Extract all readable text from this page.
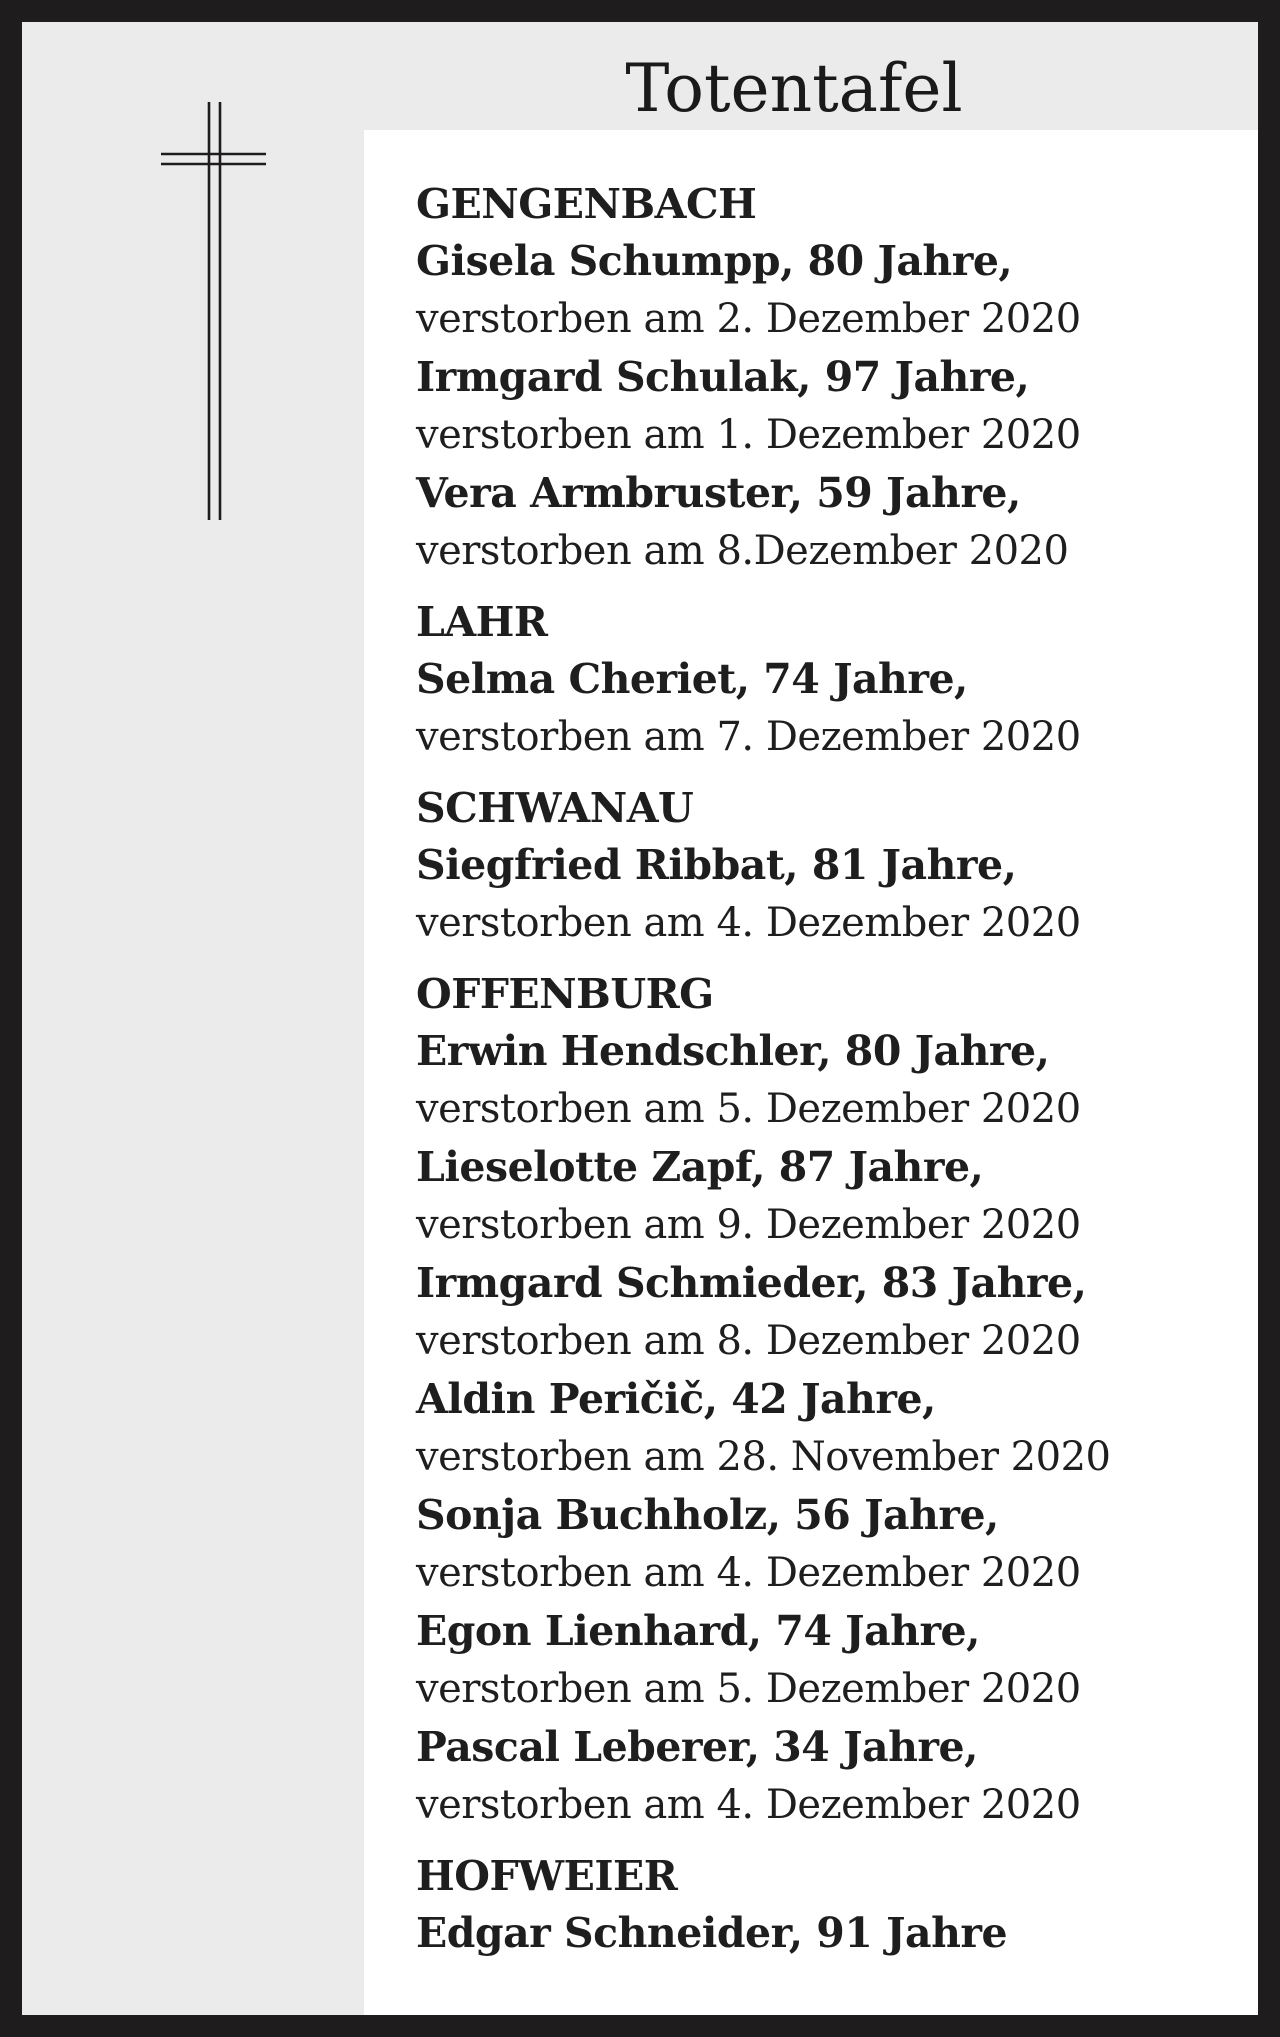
Totentafel
GENGENBACH
Gisela Schumpp, 80 Jahre,
verstorben am 2. Dezember 2020
Irmgard Schulak, 97 Jahre,
verstorben am 1. Dezember 2020
Vera Armbruster, 59 Jahre,
verstorben am 8.Dezember 2020
LAHR
Selma Cheriet, 74 Jahre,
verstorben am 7. Dezember 2020
SCHWANAU
Siegfried Ribbat, 81 Jahre,
verstorben am 4. Dezember 2020
OFFENBURG
Erwin Hendschler, 80 Jahre,
verstorben am 5. Dezember 2020
Lieselotte Zapf, 87 Jahre,
verstorben am 9. Dezember 2020
Irmgard Schmieder, 83 Jahre,
verstorben am 8. Dezember 2020
Aldin Peričič, 42 Jahre,
verstorben am 28. November 2020
Sonja Buchholz, 56 Jahre,
verstorben am 4. Dezember 2020
Egon Lienhard, 74 Jahre,
verstorben am 5. Dezember 2020
Pascal Leberer, 34 Jahre,
verstorben am 4. Dezember 2020
HOFWEIER
Edgar Schneider, 91 Jahre
